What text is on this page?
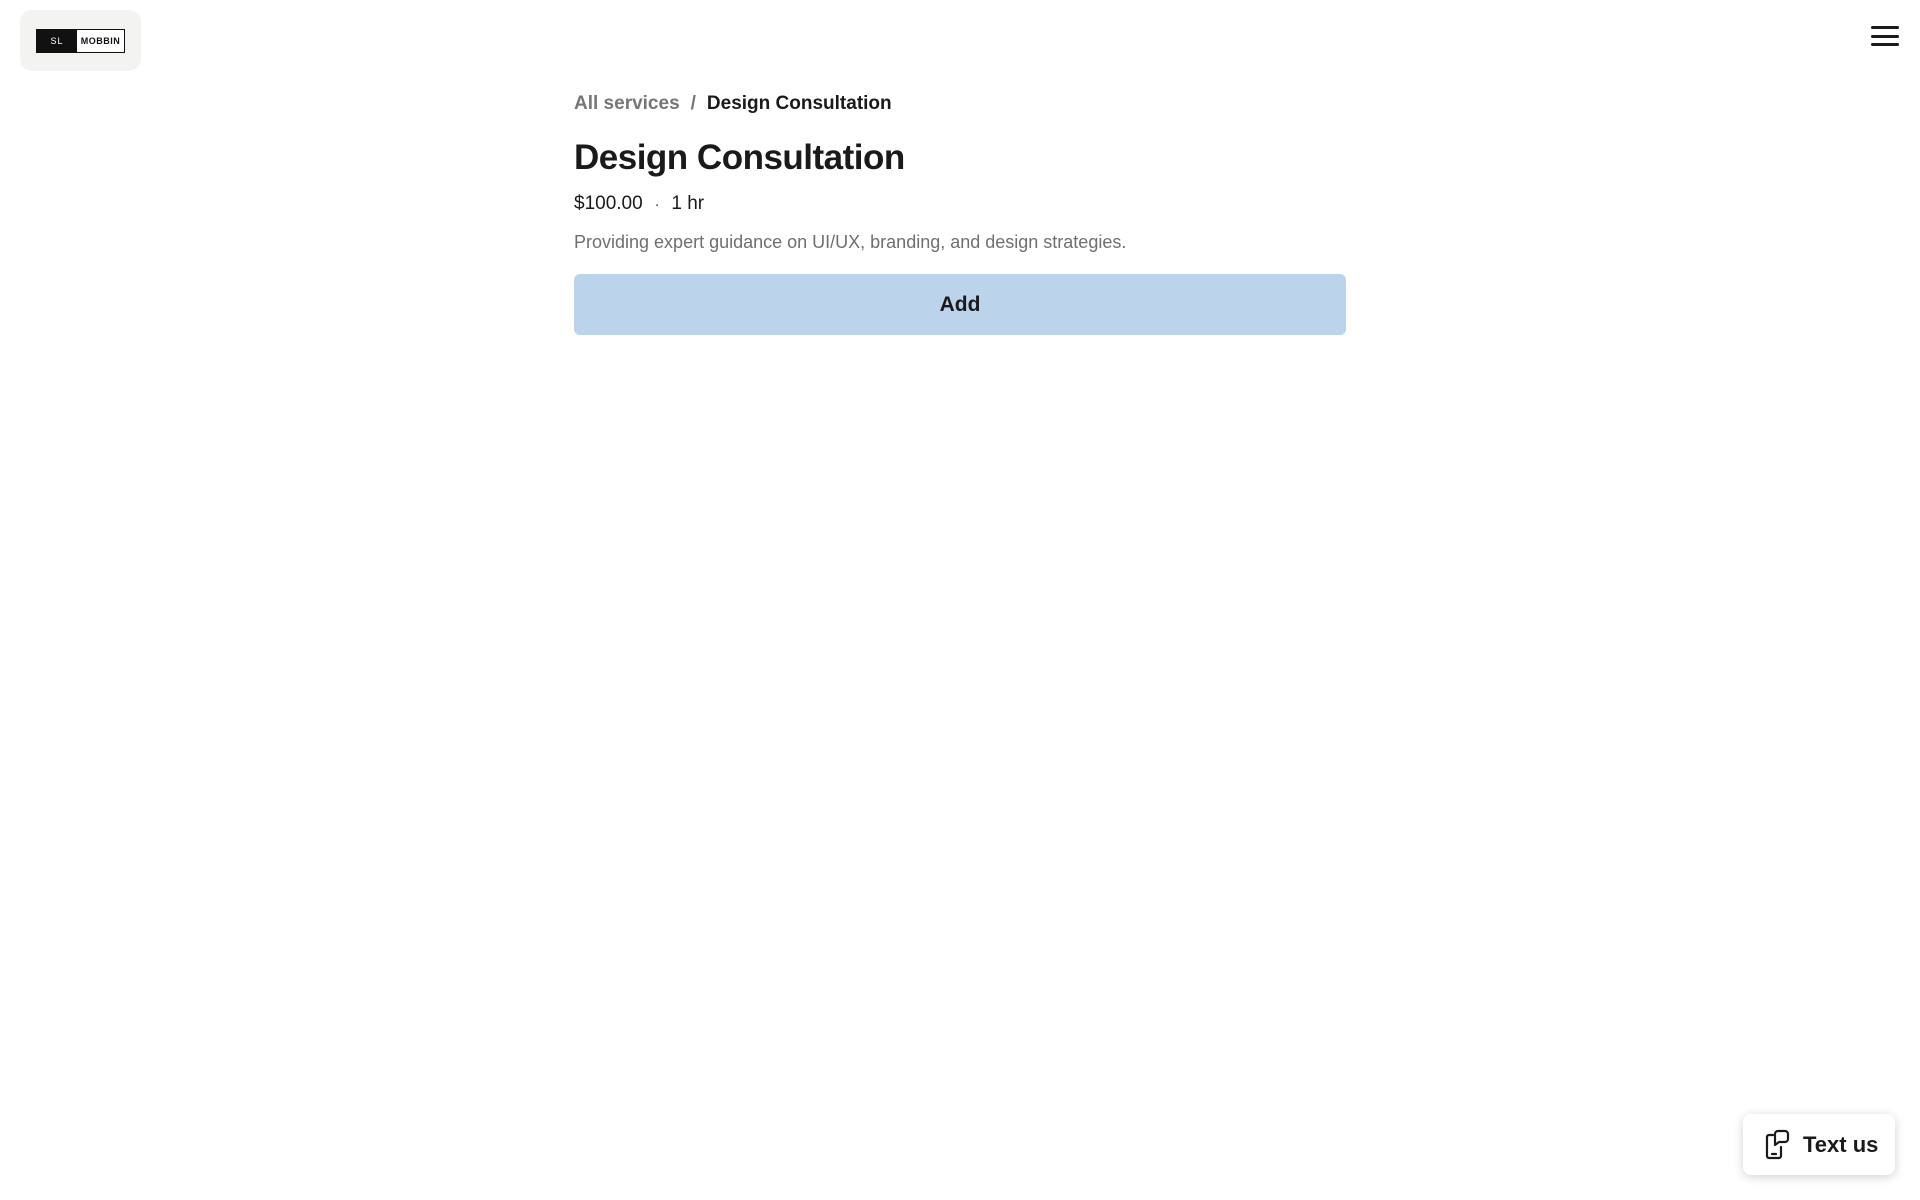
SL	MOBBIN
All services / Design Consultation
Design Consultation
$100.00 · 1 hr

Providing expert guidance on UI/UX, branding, and design strategies.

Add
Text us
